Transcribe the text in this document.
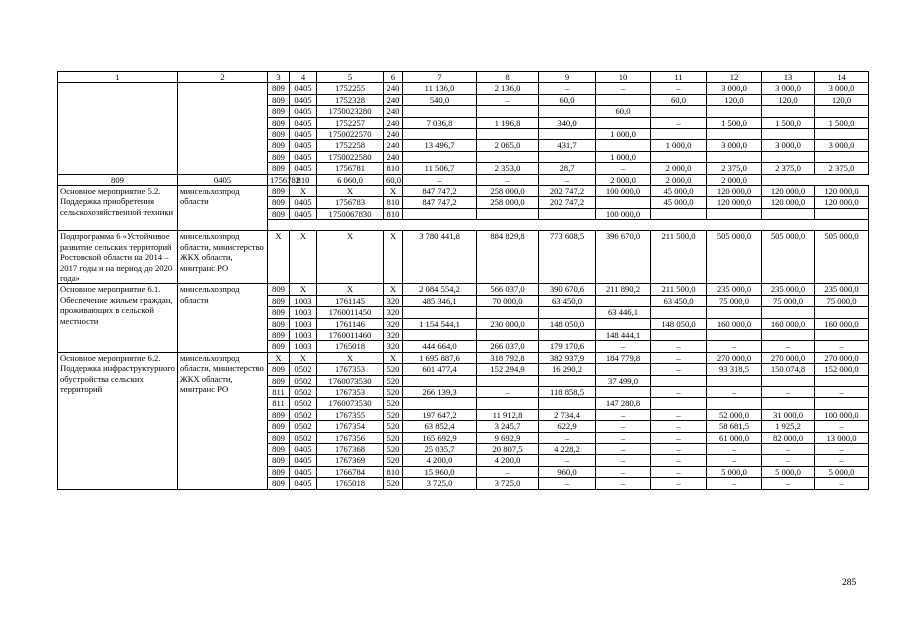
1	2	3	4	5	6	7	8	9	10	11	12	13	14
		809	0405	1752255	240	11 136,0	2 136,0	–	–	–	3 000,0	3 000,0	3 000,0
		809	0405	1752328	240	540,0	–	60,0		60,0	120,0	120,0	120,0
		809	0405	1750023280	240				60,0				
		809	0405	1752257	240	7 036,8	1 196,8	340,0		–	1 500,0	1 500,0	1 500,0
		809	0405	1750022570	240				1 000,0				
		809	0405	1752258	240	13 496,7	2 065,0	431,7		1 000,0	3 000,0	3 000,0	3 000,0
		809	0405	1750022580	240				1 000,0				
		809	0405	1756781	810	11 506,7	2 353,0	28,7	–	2 000,0	2 375,0	2 375,0	2 375,0
809	0405	1756782	810	6 060,0	60,0	–	–	–	2 000,0	2 000,0	2 000,0		
Основное мероприятие 5.2. Поддержка приобретения сельскохозяйственной техники	минсельхозпрод области	809	Х	Х	Х	847 747,2	258 000,0	202 747,2	100 000,0	45 000,0	120 000,0	120 000,0	120 000,0
		809	0405	1756783	810	847 747,2	258 000,0	202 747,2		45 000,0	120 000,0	120 000,0	120 000,0
		809	0405	1750067830	810				100 000,0				

Подпрограмма 6 «Устойчивое развитие сельских территорий Ростовской области на 2014 – 2017 годы и на период до 2020 года»	минсельхозпрод области, министерство ЖКХ области, минтранс РО	Х	Х	Х	Х	3 780 441,8	884 829,8	773 608,5	396 670,0	211 500,0	505 000,0	505 000,0	505 000,0
Основное мероприятие 6.1. Обеспечение жильем граждан, проживающих в сельской местности	минсельхозпрод области	809	Х	Х	Х	2 084 554,2	566 037,0	390 670,6	211 890,2	211 500,0	235 000,0	235 000,0	235 000,0
		809	1003	1761145	320	485 346,1	70 000,0	63 450,0		63 450,0	75 000,0	75 000,0	75 000,0
		809	1003	1760011450	320				63 446,1				
		809	1003	1761146	320	1 154 544,1	230 000,0	148 050,0		148 050,0	160 000,0	160 000,0	160 000,0
		809	1003	1760011460	320				148 444,1				
		809	1003	1765018	320	444 664,0	266 037,0	179 170,6	–	–	–	–	–
Основное мероприятие 6.2. Поддержка инфраструктурного обустройства сельских территорий	минсельхозпрод области, министерство ЖКХ области, минтранс РО	Х	Х	Х	Х	1 695 887,6	318 792,8	382 937,9	184 779,8	–	270 000,0	270 000,0	270 000,0
		809	0502	1767353	520	601 477,4	152 294,9	16 290,2		–	93 318,5	150 074,8	152 000,0
		809	0502	1760073530	520				37 499,0				
		811	0502	1767353	520	266 139,3	–	118 858,5		–	–	–	–
		811	0502	1760073530	520				147 280,8				
		809	0502	1767355	520	197 647,2	11 912,8	2 734,4	–	–	52 000,0	31 000,0	100 000,0
		809	0502	1767354	520	63 852,4	3 245,7	622,9	–	–	58 681,5	1 925,2	–
		809	0502	1767356	520	165 692,9	9 692,9	–	–	–	61 000,0	82 000,0	13 000,0
		809	0405	1767368	520	25 035,7	20 807,5	4 228,2	–	–	–	–	–
		809	0405	1767369	520	4 200,0	4 200,0	–	–	–	–	–	–
		809	0405	1766784	810	15 960,0	–	960,0	–	–	5 000,0	5 000,0	5 000,0
		809	0405	1765018	520	3 725,0	3 725,0	–	–	–	–	–	–
285
